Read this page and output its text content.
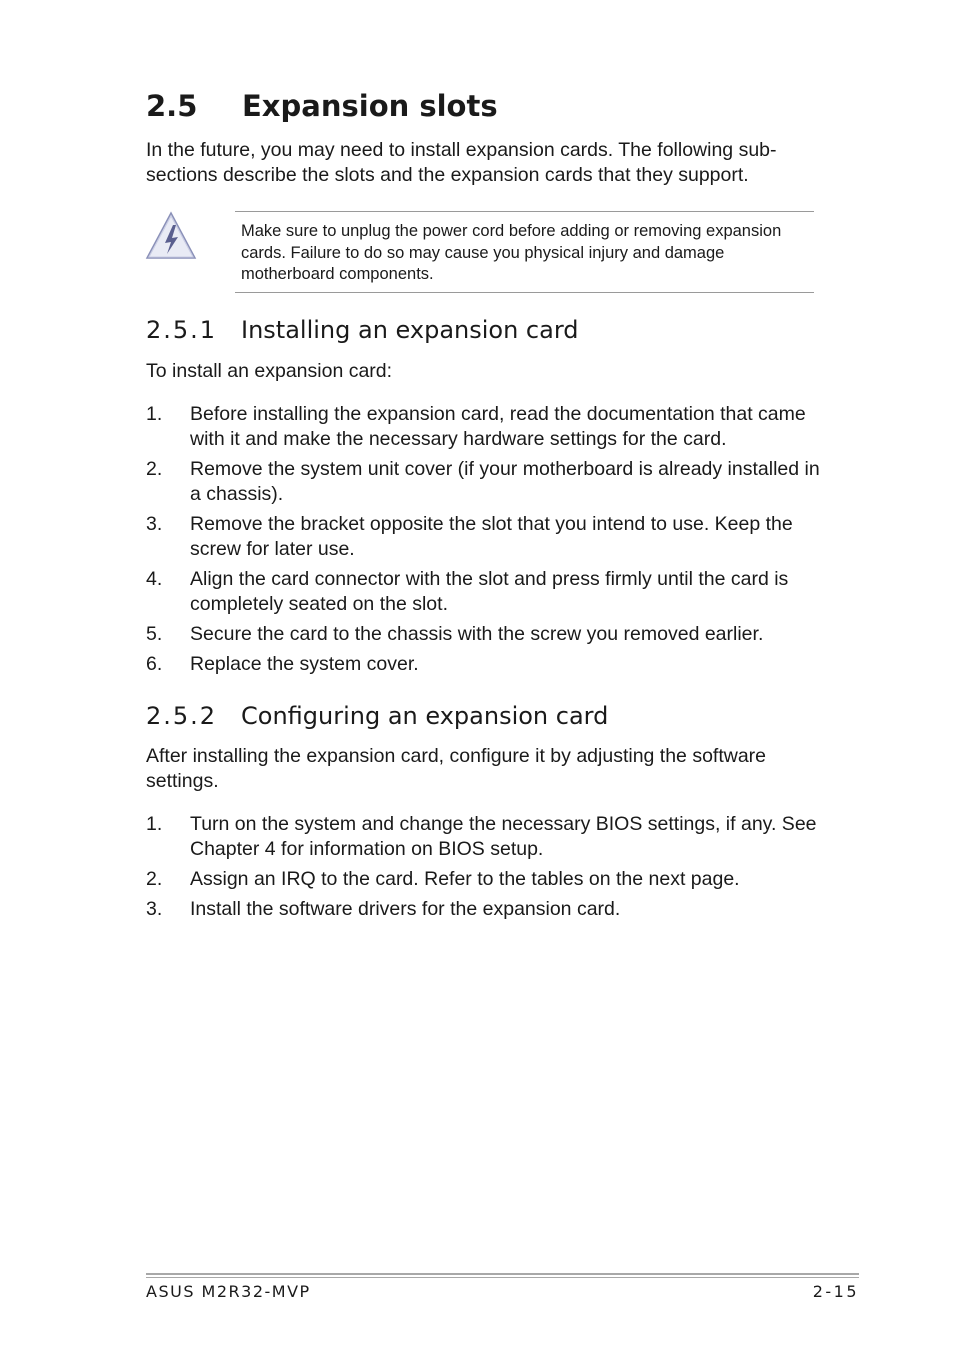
2.5 Expansion slots
In the future, you may need to install expansion cards. The following sub-sections describe the slots and the expansion cards that they support.
Make sure to unplug the power cord before adding or removing expansion cards. Failure to do so may cause you physical injury and damage motherboard components.
2.5.1 Installing an expansion card
To install an expansion card:
1.	Before installing the expansion card, read the documentation that came with it and make the necessary hardware settings for the card.
2.	Remove the system unit cover (if your motherboard is already installed in a chassis).
3.	Remove the bracket opposite the slot that you intend to use. Keep the screw for later use.
4.	Align the card connector with the slot and press firmly until the card is completely seated on the slot.
5.	Secure the card to the chassis with the screw you removed earlier.
6.	Replace the system cover.
2.5.2 Configuring an expansion card
After installing the expansion card, configure it by adjusting the software settings.
1.	Turn on the system and change the necessary BIOS settings, if any. See Chapter 4 for information on BIOS setup.
2.	Assign an IRQ to the card. Refer to the tables on the next page.
3.	Install the software drivers for the expansion card.
ASUS M2R32-MVP	2-15
